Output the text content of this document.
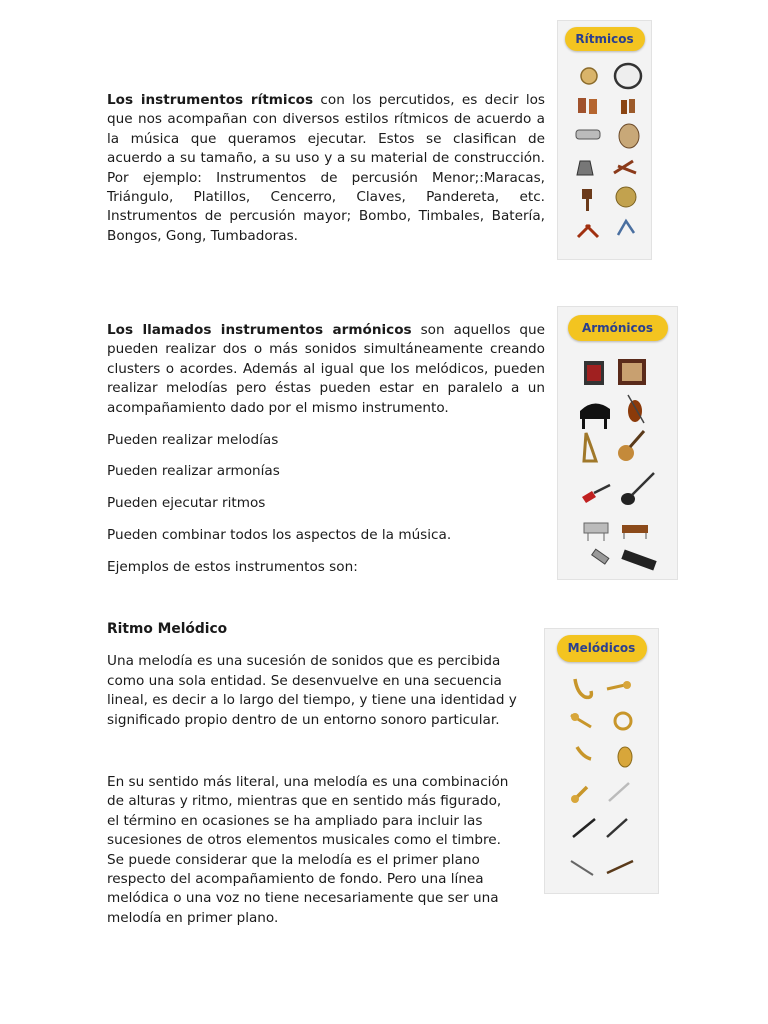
Los instrumentos rítmicos con los percutidos, es decir los que nos acompañan con diversos estilos rítmicos de acuerdo a la música que queramos ejecutar. Estos se clasifican de acuerdo a su tamaño, a su uso y a su material de construcción. Por ejemplo: Instrumentos de percusión Menor;:Maracas, Triángulo, Platillos, Cencerro, Claves, Pandereta, etc. Instrumentos de percusión mayor; Bombo, Timbales, Batería, Bongos, Gong, Tumbadoras.

Rítmicos

Los llamados instrumentos armónicos son aquellos que pueden realizar dos o más sonidos simultáneamente creando clusters o acordes. Además al igual que los melódicos, pueden realizar melodías pero éstas pueden estar en paralelo a un acompañamiento dado por el mismo instrumento.

Pueden realizar melodías

Pueden realizar armonías

Pueden ejecutar ritmos

Pueden combinar todos los aspectos de la música.

Ejemplos de estos instrumentos son:

Armónicos

Ritmo Melódico

Una melodía es una sucesión de sonidos que es percibida como una sola entidad. Se desenvuelve en una secuencia lineal, es decir a lo largo del tiempo, y tiene una identidad y significado propio dentro de un entorno sonoro particular.

En su sentido más literal, una melodía es una combinación de alturas y ritmo, mientras que en sentido más figurado, el término en ocasiones se ha ampliado para incluir las sucesiones de otros elementos musicales como el timbre. Se puede considerar que la melodía es el primer plano respecto del acompañamiento de fondo. Pero una línea melódica o una voz no tiene necesariamente que ser una melodía en primer plano.

Melódicos
